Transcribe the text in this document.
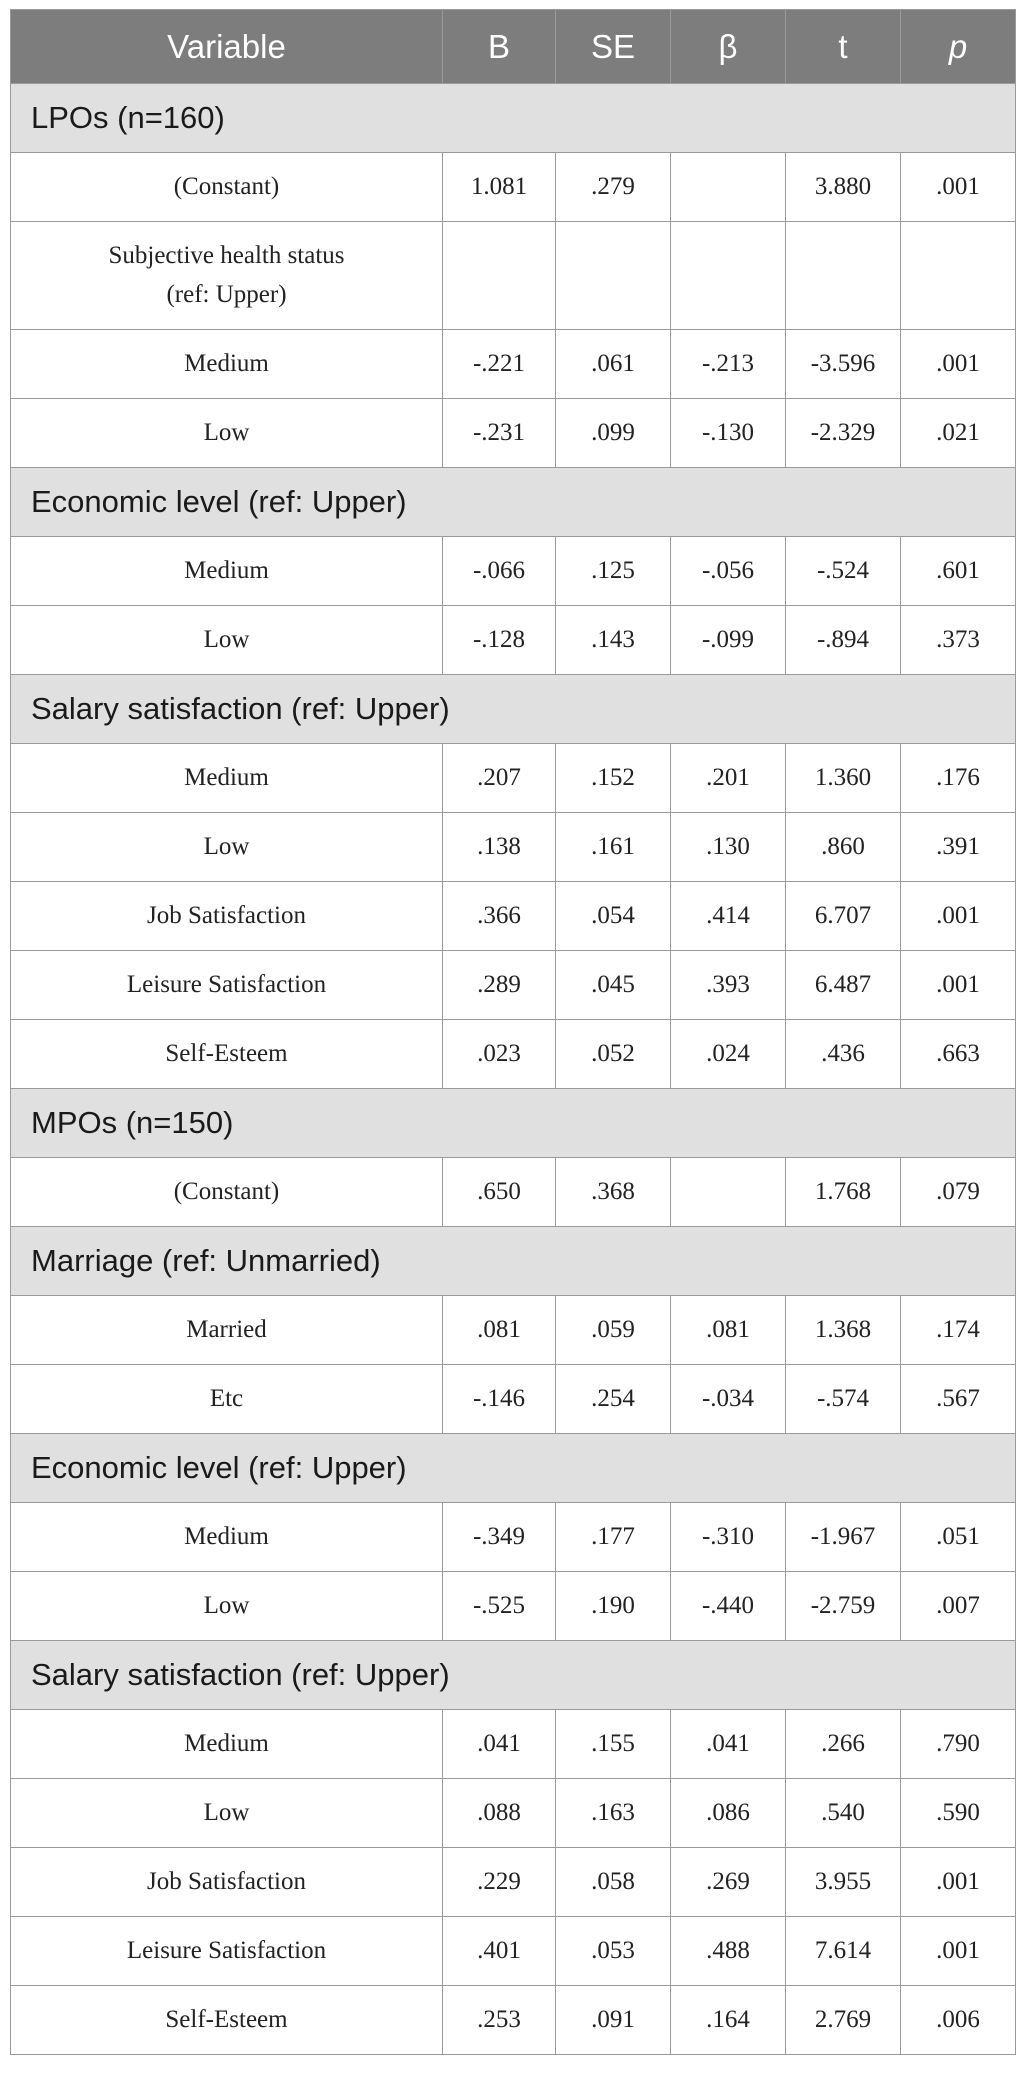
Variable	B	SE	β	t	p
LPOs (n=160)					
(Constant)	1.081	.279		3.880	.001
Subjective health status
(ref: Upper)					
Medium	-.221	.061	-.213	-3.596	.001
Low	-.231	.099	-.130	-2.329	.021
Economic level (ref: Upper)					
Medium	-.066	.125	-.056	-.524	.601
Low	-.128	.143	-.099	-.894	.373
Salary satisfaction (ref: Upper)					
Medium	.207	.152	.201	1.360	.176
Low	.138	.161	.130	.860	.391
Job Satisfaction	.366	.054	.414	6.707	.001
Leisure Satisfaction	.289	.045	.393	6.487	.001
Self-Esteem	.023	.052	.024	.436	.663
MPOs (n=150)					
(Constant)	.650	.368		1.768	.079
Marriage (ref: Unmarried)					
Married	.081	.059	.081	1.368	.174
Etc	-.146	.254	-.034	-.574	.567
Economic level (ref: Upper)					
Medium	-.349	.177	-.310	-1.967	.051
Low	-.525	.190	-.440	-2.759	.007
Salary satisfaction (ref: Upper)					
Medium	.041	.155	.041	.266	.790
Low	.088	.163	.086	.540	.590
Job Satisfaction	.229	.058	.269	3.955	.001
Leisure Satisfaction	.401	.053	.488	7.614	.001
Self-Esteem	.253	.091	.164	2.769	.006
